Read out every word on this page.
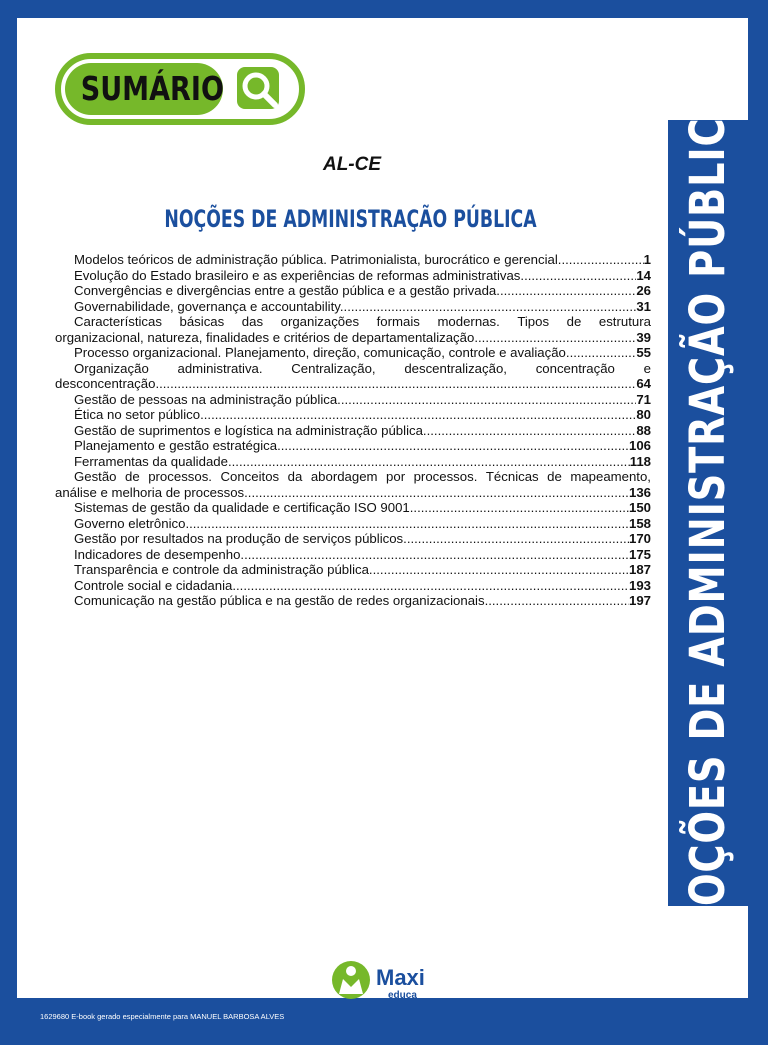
NOÇÕES DE ADMINISTRAÇÃO PÚBLICA
SUMÁRIO
AL-CE
NOÇÕES DE ADMINISTRAÇÃO PÚBLICA
Modelos teóricos de administração pública. Patrimonialista, burocrático e gerencial. .....	1
Evolução do Estado brasileiro e as experiências de reformas administrativas. .....	14
Convergências e divergências entre a gestão pública e a gestão privada. .....	26
Governabilidade, governança e accountability. .....	31
Características básicas das organizações formais modernas. Tipos de estrutura
organizacional, natureza, finalidades e critérios de departamentalização. .....	39
Processo organizacional. Planejamento, direção, comunicação, controle e avaliação. .....	55
Organização administrativa. Centralização, descentralização, concentração e
desconcentração. .....	64
Gestão de pessoas na administração pública. .....	71
Ética no setor público. .....	80
Gestão de suprimentos e logística na administração pública. .....	88
Planejamento e gestão estratégica. .....	106
Ferramentas da qualidade. .....	118
Gestão de processos. Conceitos da abordagem por processos. Técnicas de mapeamento,
análise e melhoria de processos. .....	136
Sistemas de gestão da qualidade e certificação ISO 9001 .....	150
Governo eletrônico .....	158
Gestão por resultados na produção de serviços públicos. .....	170
Indicadores de desempenho. .....	175
Transparência e controle da administração pública. .....	187
Controle social e cidadania. .....	193
Comunicação na gestão pública e na gestão de redes organizacionais .....	197
Maxi
educa
1629680 E-book gerado especialmente para MANUEL BARBOSA ALVES
